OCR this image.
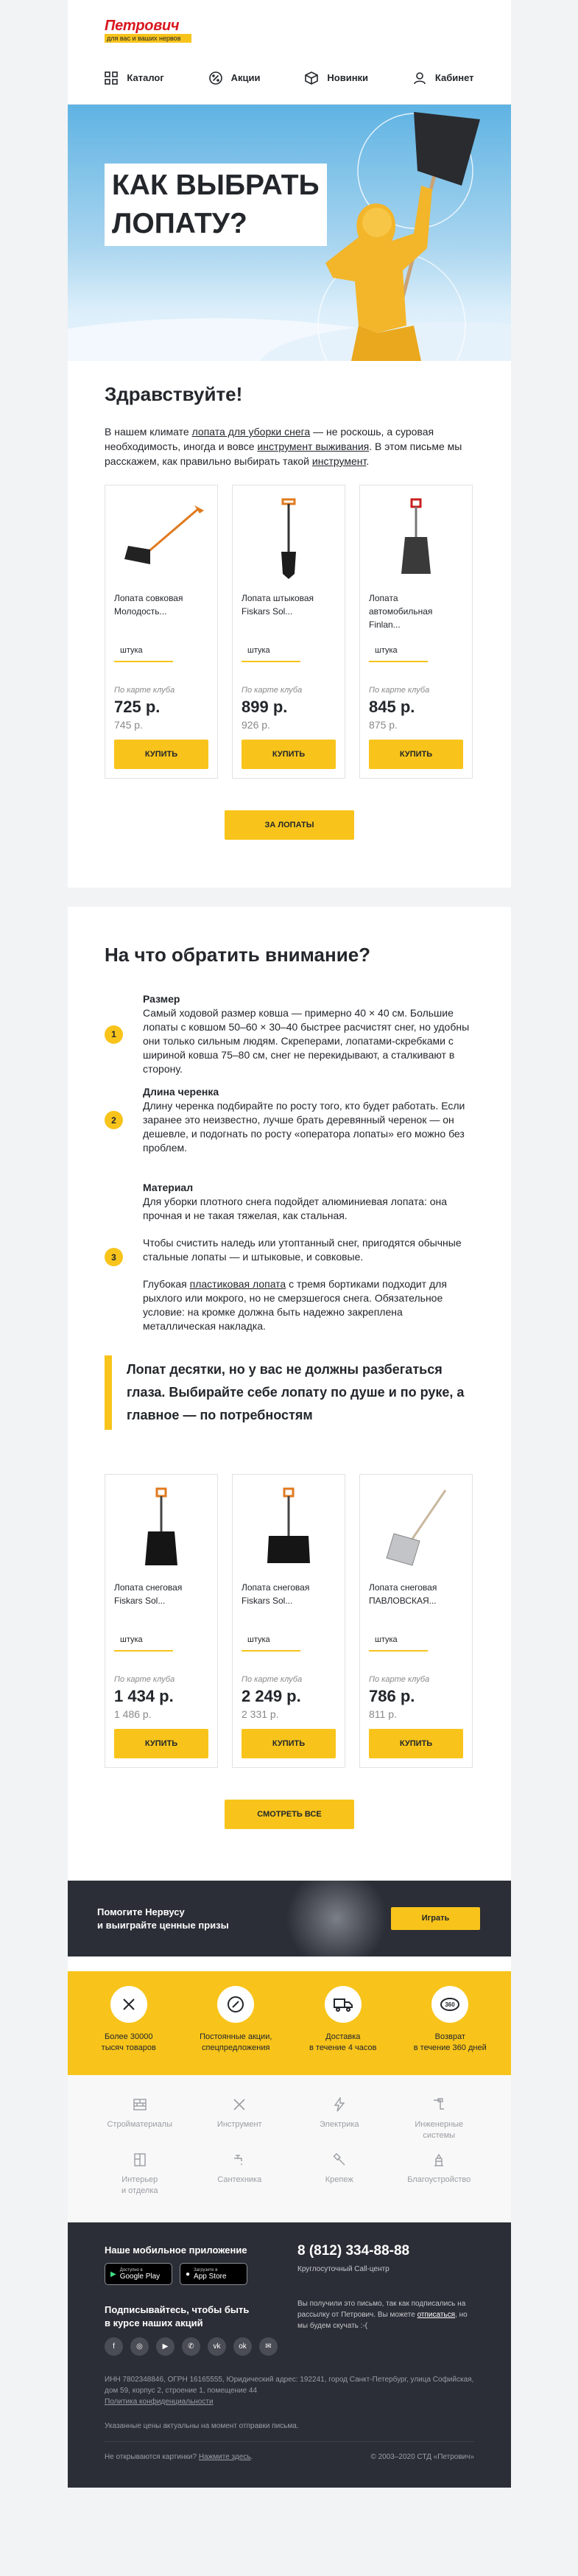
Петрович
для вас и ваших нервов
Каталог	Акции	Новинки	Кабинет
КАК ВЫБРАТЬ
ЛОПАТУ?
Здравствуйте!

В нашем климате лопата для уборки снега — не роскошь, а суровая необходимость, иногда и вовсе инструмент выживания. В этом письме мы расскажем, как правильно выбирать такой инструмент.

Лопата совковая Молодость...
штука
По карте клуба
725 р.
745 р.
КУПИТЬ
Лопата штыковая Fiskars Sol...
штука
По карте клуба
899 р.
926 р.
КУПИТЬ
Лопата автомобильная Finlan...
штука
По карте клуба
845 р.
875 р.
КУПИТЬ
ЗА ЛОПАТЫ
На что обратить внимание?
1
Размер

Самый ходовой размер ковша — примерно 40 × 40 см. Большие лопаты с ковшом 50–60 × 30–40 быстрее расчистят снег, но удобны они только сильным людям. Скреперами, лопатами-скребками с шириной ковша 75–80 см, снег не перекидывают, а сталкивают в сторону.

2
Длина черенка

Длину черенка подбирайте по росту того, кто будет работать. Если заранее это неизвестно, лучше брать деревянный черенок — он дешевле, и подогнать по росту «оператора лопаты» его можно без проблем.

3
Материал

Для уборки плотного снега подойдет алюминиевая лопата: она прочная и не такая тяжелая, как стальная.

Чтобы счистить наледь или утоптанный снег, пригодятся обычные стальные лопаты — и штыковые, и совковые.

Глубокая пластиковая лопата с тремя бортиками подходит для рыхлого или мокрого, но не смерзшегося снега. Обязательное условие: на кромке должна быть надежно закреплена металлическая накладка.

Лопат десятки, но у вас не должны разбегаться глаза. Выбирайте себе лопату по душе и по руке, а главное — по потребностям
Лопата снеговая Fiskars Sol...
штука
По карте клуба
1 434 р.
1 486 р.
КУПИТЬ
Лопата снеговая Fiskars Sol...
штука
По карте клуба
2 249 р.
2 331 р.
КУПИТЬ
Лопата снеговая ПАВЛОВСКАЯ...
штука
По карте клуба
786 р.
811 р.
КУПИТЬ
СМОТРЕТЬ ВСЕ
Помогите Нервусу
и выиграйте ценные призы
Играть
Более 30000
тысяч товаров
Постоянные акции,
спецпредложения
Доставка
в течение 4 часов
360
Возврат
в течение 360 дней
Стройматериалы	Инструмент	Электрика	Инженерные
системы
Интерьер
и отделка
Сантехника	Крепеж	Благоустройство
Наше мобильное приложение
▶ Доступно в
Google Play	● Загрузите в
App Store
Подписывайтесь, чтобы быть
в курсе наших акций
f	◎	▶	✆	vk	ok	✉
8 (812) 334-88-88
Круглосуточный Call-центр
Вы получили это письмо, так как подписались на рассылку от Петрович. Вы можете отписаться, но мы будем скучать :-(
ИНН 7802348846, ОГРН 16165555, Юридический адрес: 192241, город Санкт-Петербург, улица Софийская, дом 59, корпус 2, строение 1, помещение 44
Политика конфиденциальности
Указанные цены актуальны на момент отправки письма.
Не открываются картинки? Нажмите здесь.	© 2003–2020 СТД «Петрович»
